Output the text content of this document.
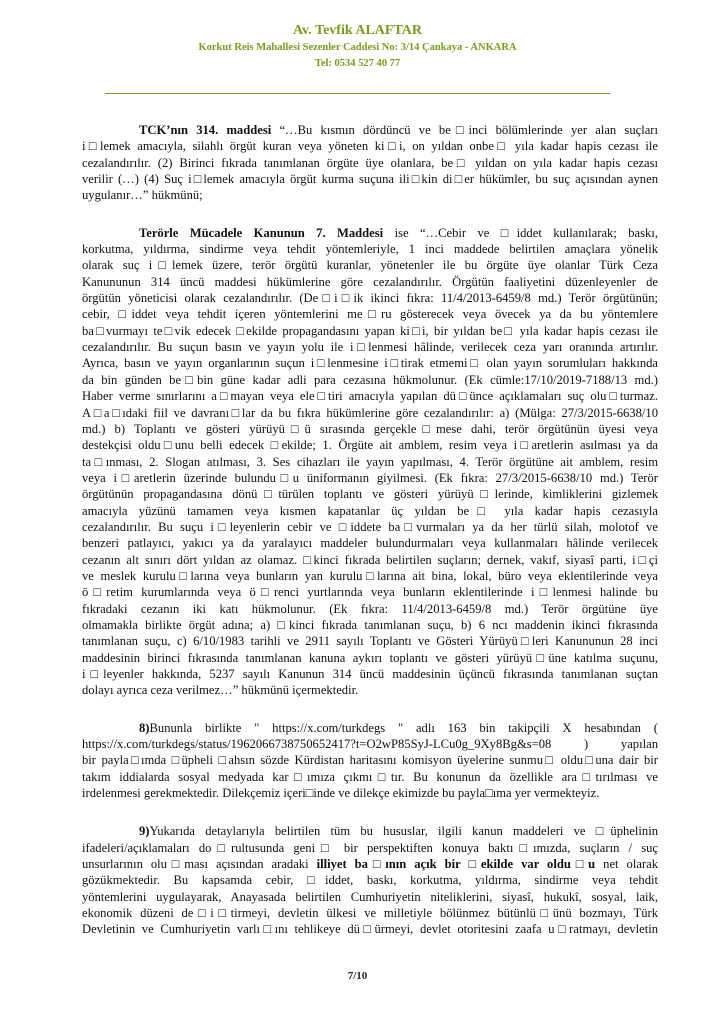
Av. Tevfik ALAFTAR
Korkut Reis Mahallesi Sezenler Caddesi No: 3/14 Çankaya - ANKARA
Tel: 0534 527 40 77
TCK’nın 314. maddesi “…Bu kısmın dördüncü ve be□inci bölümlerinde yer alan suçları
i□lemek amacıyla, silahlı örgüt kuran veya yöneten ki□i, on yıldan onbe□ yıla kadar hapis cezası ile
cezalandırılır. (2) Birinci fıkrada tanımlanan örgüte üye olanlara, be□ yıldan on yıla kadar hapis cezası
verilir (…) (4) Suç i□lemek amacıyla örgüt kurma suçuna ili□kin di□er hükümler, bu suç açısından aynen
uygulanır…” hükmünü;
Terörle Mücadele Kanunun 7. Maddesi ise “…Cebir ve □iddet kullanılarak; baskı,
korkutma, yıldırma, sindirme veya tehdit yöntemleriyle, 1 inci maddede belirtilen amaçlara yönelik
olarak suç i□lemek üzere, terör örgütü kuranlar, yönetenler ile bu örgüte üye olanlar Türk Ceza
Kanununun 314 üncü maddesi hükümlerine göre cezalandırılır. Örgütün faaliyetini düzenleyenler de
örgütün yöneticisi olarak cezalandırılır. (De□i□ik ikinci fıkra: 11/4/2013-6459/8 md.) Terör örgütünün;
cebir, □iddet veya tehdit içeren yöntemlerini me□ru gösterecek veya övecek ya da bu yöntemlere
ba□vurmayı te□vik edecek □ekilde propagandasını yapan ki□i, bir yıldan be□ yıla kadar hapis cezası ile
cezalandırılır. Bu suçun basın ve yayın yolu ile i□lenmesi hâlinde, verilecek ceza yarı oranında artırılır.
Ayrıca, basın ve yayın organlarının suçun i□lenmesine i□tirak etmemi□ olan yayın sorumluları hakkında
da bin günden be□bin güne kadar adli para cezasına hükmolunur. (Ek cümle:17/10/2019-7188/13 md.)
Haber verme sınırlarını a□mayan veya ele□tiri amacıyla yapılan dü□ünce açıklamaları suç olu□turmaz.
A□a□ıdaki fiil ve davranı□lar da bu fıkra hükümlerine göre cezalandırılır: a) (Mülga: 27/3/2015-6638/10
md.) b) Toplantı ve gösteri yürüyü□ü sırasında gerçekle□mese dahi, terör örgütünün üyesi veya
destekçisi oldu□unu belli edecek □ekilde; 1. Örgüte ait amblem, resim veya i□aretlerin asılması ya da
ta□ınması, 2. Slogan atılması, 3. Ses cihazları ile yayın yapılması, 4. Terör örgütüne ait amblem, resim
veya i□aretlerin üzerinde bulundu□u üniformanın giyilmesi. (Ek fıkra: 27/3/2015-6638/10 md.) Terör
örgütünün propagandasına dönü□türülen toplantı ve gösteri yürüyü□lerinde, kimliklerini gizlemek
amacıyla yüzünü tamamen veya kısmen kapatanlar üç yıldan be□ yıla kadar hapis cezasıyla
cezalandırılır. Bu suçu i□leyenlerin cebir ve □iddete ba□vurmaları ya da her türlü silah, molotof ve
benzeri patlayıcı, yakıcı ya da yaralayıcı maddeler bulundurmaları veya kullanmaları hâlinde verilecek
cezanın alt sınırı dört yıldan az olamaz. □kinci fıkrada belirtilen suçların; dernek, vakıf, siyasî parti, i□çi
ve meslek kurulu□larına veya bunların yan kurulu□larına ait bina, lokal, büro veya eklentilerinde veya
ö□retim kurumlarında veya ö□renci yurtlarında veya bunların eklentilerinde i□lenmesi halinde bu
fıkradaki cezanın iki katı hükmolunur. (Ek fıkra: 11/4/2013-6459/8 md.) Terör örgütüne üye
olmamakla birlikte örgüt adına; a) □kinci fıkrada tanımlanan suçu, b) 6 ncı maddenin ikinci fıkrasında
tanımlanan suçu, c) 6/10/1983 tarihli ve 2911 sayılı Toplantı ve Gösteri Yürüyü□leri Kanununun 28 inci
maddesinin birinci fıkrasında tanımlanan kanuna aykırı toplantı ve gösteri yürüyü□üne katılma suçunu,
i□leyenler hakkında, 5237 sayılı Kanunun 314 üncü maddesinin üçüncü fıkrasında tanımlanan suçtan
dolayı ayrıca ceza verilmez…” hükmünü içermektedir.
8)Bununla birlikte " https://x.com/turkdegs " adlı 163 bin takipçili X hesabından (
https://x.com/turkdegs/status/1962066738750652417?t=O2wP85SyJ-LCu0g_9Xy8Bg&s=08 ) yapılan
bir payla□ımda □üpheli □ahsın sözde Kürdistan haritasını komisyon üyelerine sunmu□ oldu□una dair bir
takım iddialarda sosyal medyada kar□ımıza çıkmı□tır. Bu konunun da özellikle ara□tırılması ve
irdelenmesi gerekmektedir. Dilekçemiz içeri□inde ve dilekçe ekimizde bu payla□ıma yer vermekteyiz.
9)Yukarıda detaylarıyla belirtilen tüm bu hususlar, ilgili kanun maddeleri ve □üphelinin
ifadeleri/açıklamaları do□rultusunda geni□ bir perspektiften konuya baktı□ımızda, suçların / suç
unsurlarının olu□ması açısından aradaki illiyet ba□ının açık bir □ekilde var oldu□u net olarak
gözükmektedir. Bu kapsamda cebir, □iddet, baskı, korkutma, yıldırma, sindirme veya tehdit
yöntemlerini uygulayarak, Anayasada belirtilen Cumhuriyetin niteliklerini, siyasî, hukukî, sosyal, laik,
ekonomik düzeni de□i□tirmeyi, devletin ülkesi ve milletiyle bölünmez bütünlü□ünü bozmayı, Türk
Devletinin ve Cumhuriyetin varlı□ını tehlikeye dü□ürmeyi, devlet otoritesini zaafa u□ratmayı, devletin
7/10
